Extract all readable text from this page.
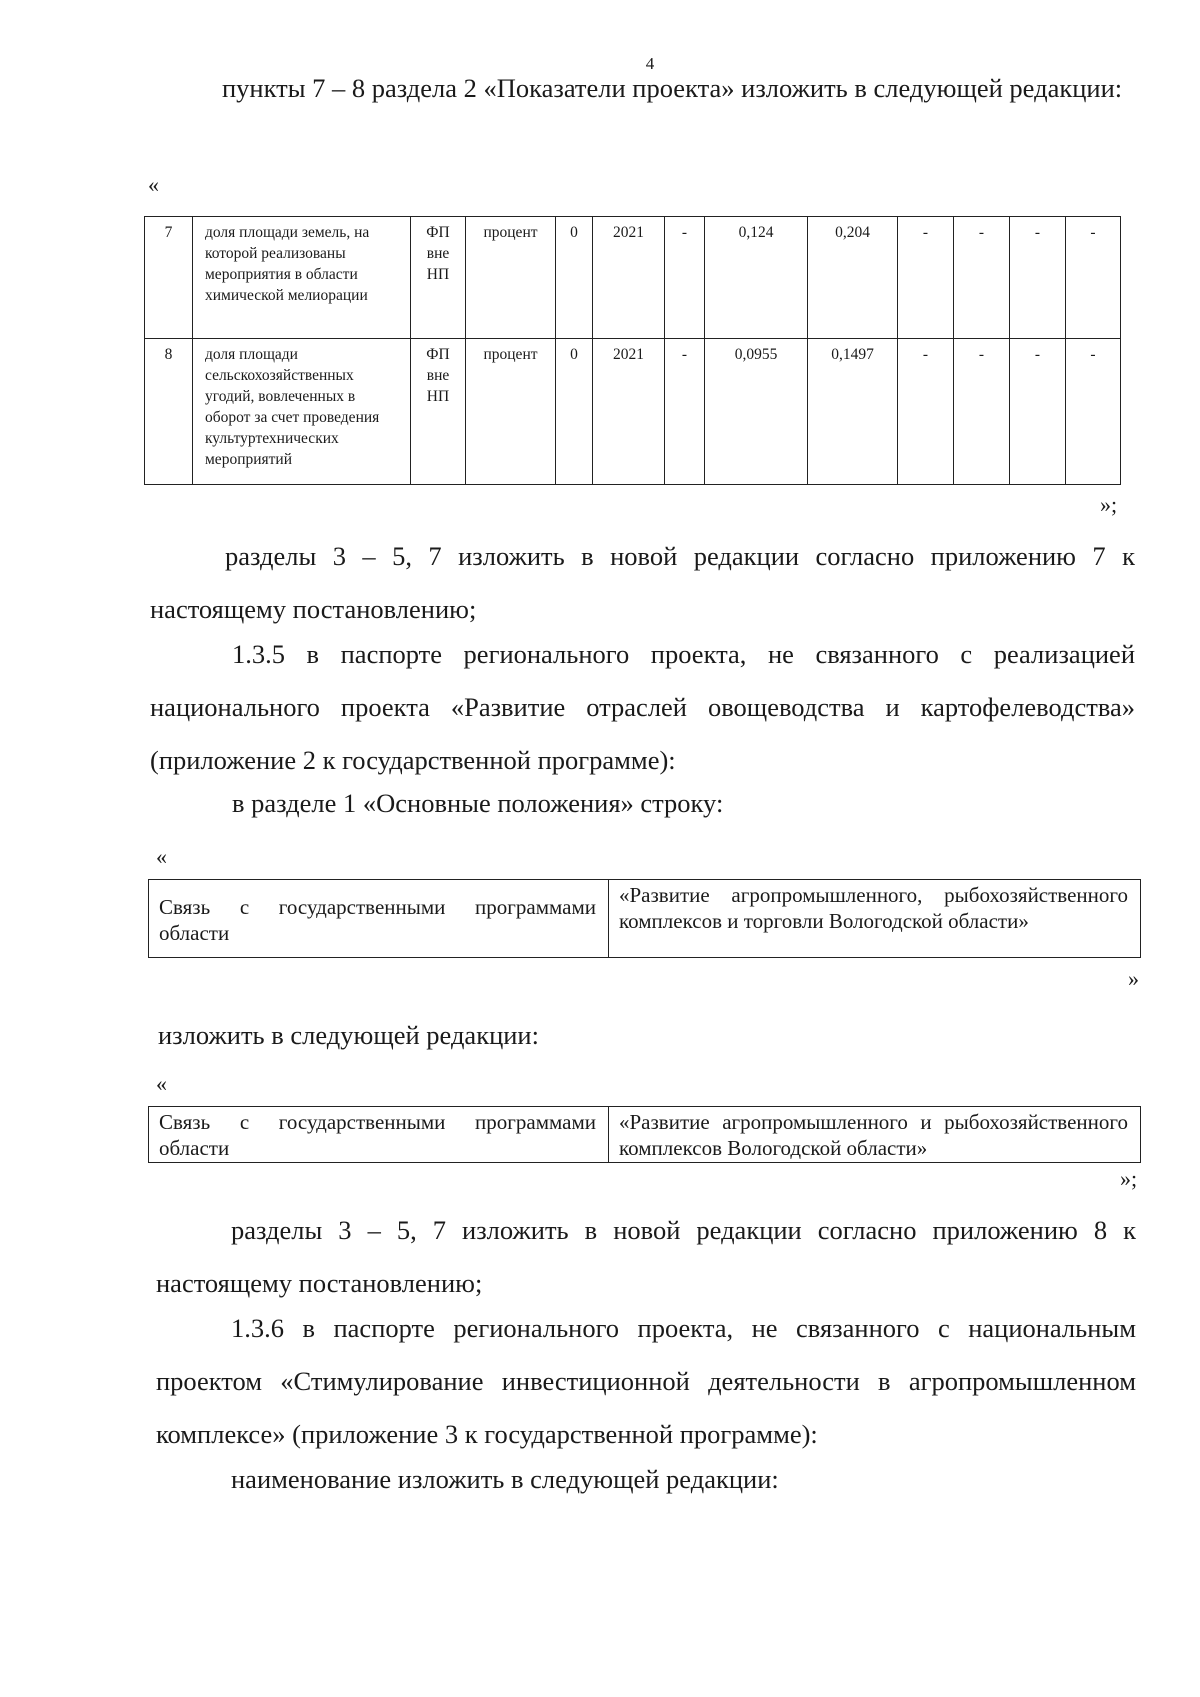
4
пункты 7 – 8 раздела 2 «Показатели проекта» изложить в следующей редакции:
«
7	доля площади земель, на которой реализованы мероприятия в области химической мелиорации	ФП вне НП	процент	0	2021	-	0,124	0,204	-	-	-	-
8	доля площади сельскохозяйственных угодий, вовлеченных в оборот за счет проведения культуртехнических мероприятий	ФП вне НП	процент	0	2021	-	0,0955	0,1497	-	-	-	-
»;
разделы 3 – 5, 7 изложить в новой редакции согласно приложению 7 к настоящему постановлению;
1.3.5 в паспорте регионального проекта, не связанного с реализацией национального проекта «Развитие отраслей овощеводства и картофелеводства» (приложение 2 к государственной программе):
в разделе 1 «Основные положения» строку:
«
Связь с государственными программами области	«Развитие агропромышленного, рыбохозяйственного комплексов и торговли Вологодской области»
»
изложить в следующей редакции:
«
Связь с государственными программами области	«Развитие агропромышленного и рыбохозяйственного комплексов Вологодской области»
»;
разделы 3 – 5, 7 изложить в новой редакции согласно приложению 8 к настоящему постановлению;
1.3.6 в паспорте регионального проекта, не связанного с национальным проектом «Стимулирование инвестиционной деятельности в агропромышленном комплексе» (приложение 3 к государственной программе):
наименование изложить в следующей редакции:
